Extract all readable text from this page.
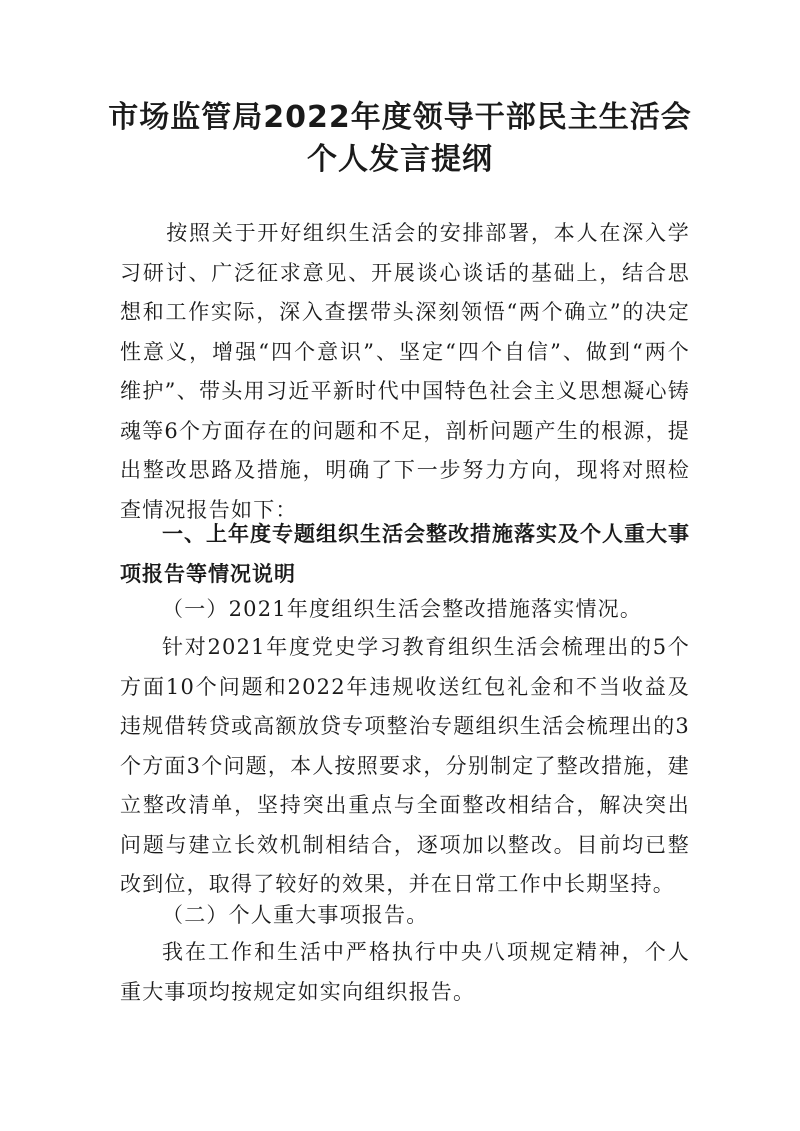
市场监管局2022年度领导干部民主生活会
个人发言提纲

按照关于开好组织生活会的安排部署，本人在深入学习研讨、广泛征求意见、开展谈心谈话的基础上，结合思想和工作实际，深入查摆带头深刻领悟“两个确立”的决定性意义，增强“四个意识”、坚定“四个自信”、做到“两个维护”、带头用习近平新时代中国特色社会主义思想凝心铸魂等6个方面存在的问题和不足，剖析问题产生的根源，提出整改思路及措施，明确了下一步努力方向，现将对照检查情况报告如下：

一、上年度专题组织生活会整改措施落实及个人重大事项报告等情况说明

（一）2021年度组织生活会整改措施落实情况。

针对2021年度党史学习教育组织生活会梳理出的5个方面10个问题和2022年违规收送红包礼金和不当收益及违规借转贷或高额放贷专项整治专题组织生活会梳理出的3个方面3个问题，本人按照要求，分别制定了整改措施，建立整改清单，坚持突出重点与全面整改相结合，解决突出问题与建立长效机制相结合，逐项加以整改。目前均已整改到位，取得了较好的效果，并在日常工作中长期坚持。

（二）个人重大事项报告。

我在工作和生活中严格执行中央八项规定精神，个人重大事项均按规定如实向组织报告。
